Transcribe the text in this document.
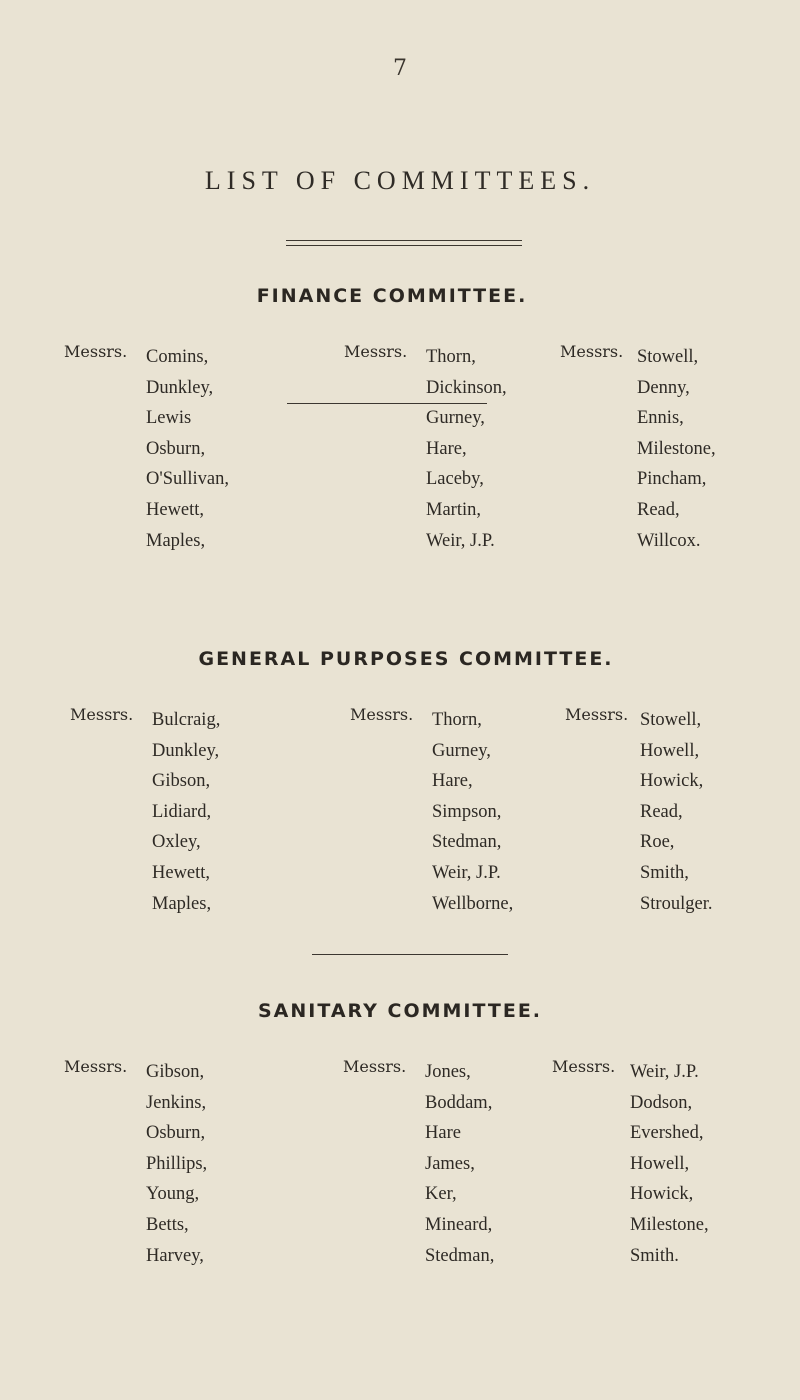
7
LIST OF COMMITTEES.
FINANCE COMMITTEE.
Messrs. Comins,
Dunkley,
Lewis
Osburn,
O'Sullivan,
Hewett,
Maples,
Messrs. Thorn,
Dickinson,
Gurney,
Hare,
Laceby,
Martin,
Weir, J.P.
Messrs. Stowell,
Denny,
Ennis,
Milestone,
Pincham,
Read,
Willcox.
GENERAL PURPOSES COMMITTEE.
Messrs. Bulcraig,
Dunkley,
Gibson,
Lidiard,
Oxley,
Hewett,
Maples,
Messrs. Thorn,
Gurney,
Hare,
Simpson,
Stedman,
Weir, J.P.
Wellborne,
Messrs. Stowell,
Howell,
Howick,
Read,
Roe,
Smith,
Stroulger.
SANITARY COMMITTEE.
Messrs. Gibson,
Jenkins,
Osburn,
Phillips,
Young,
Betts,
Harvey,
Messrs. Jones,
Boddam,
Hare
James,
Ker,
Mineard,
Stedman,
Messrs. Weir, J.P.
Dodson,
Evershed,
Howell,
Howick,
Milestone,
Smith.
